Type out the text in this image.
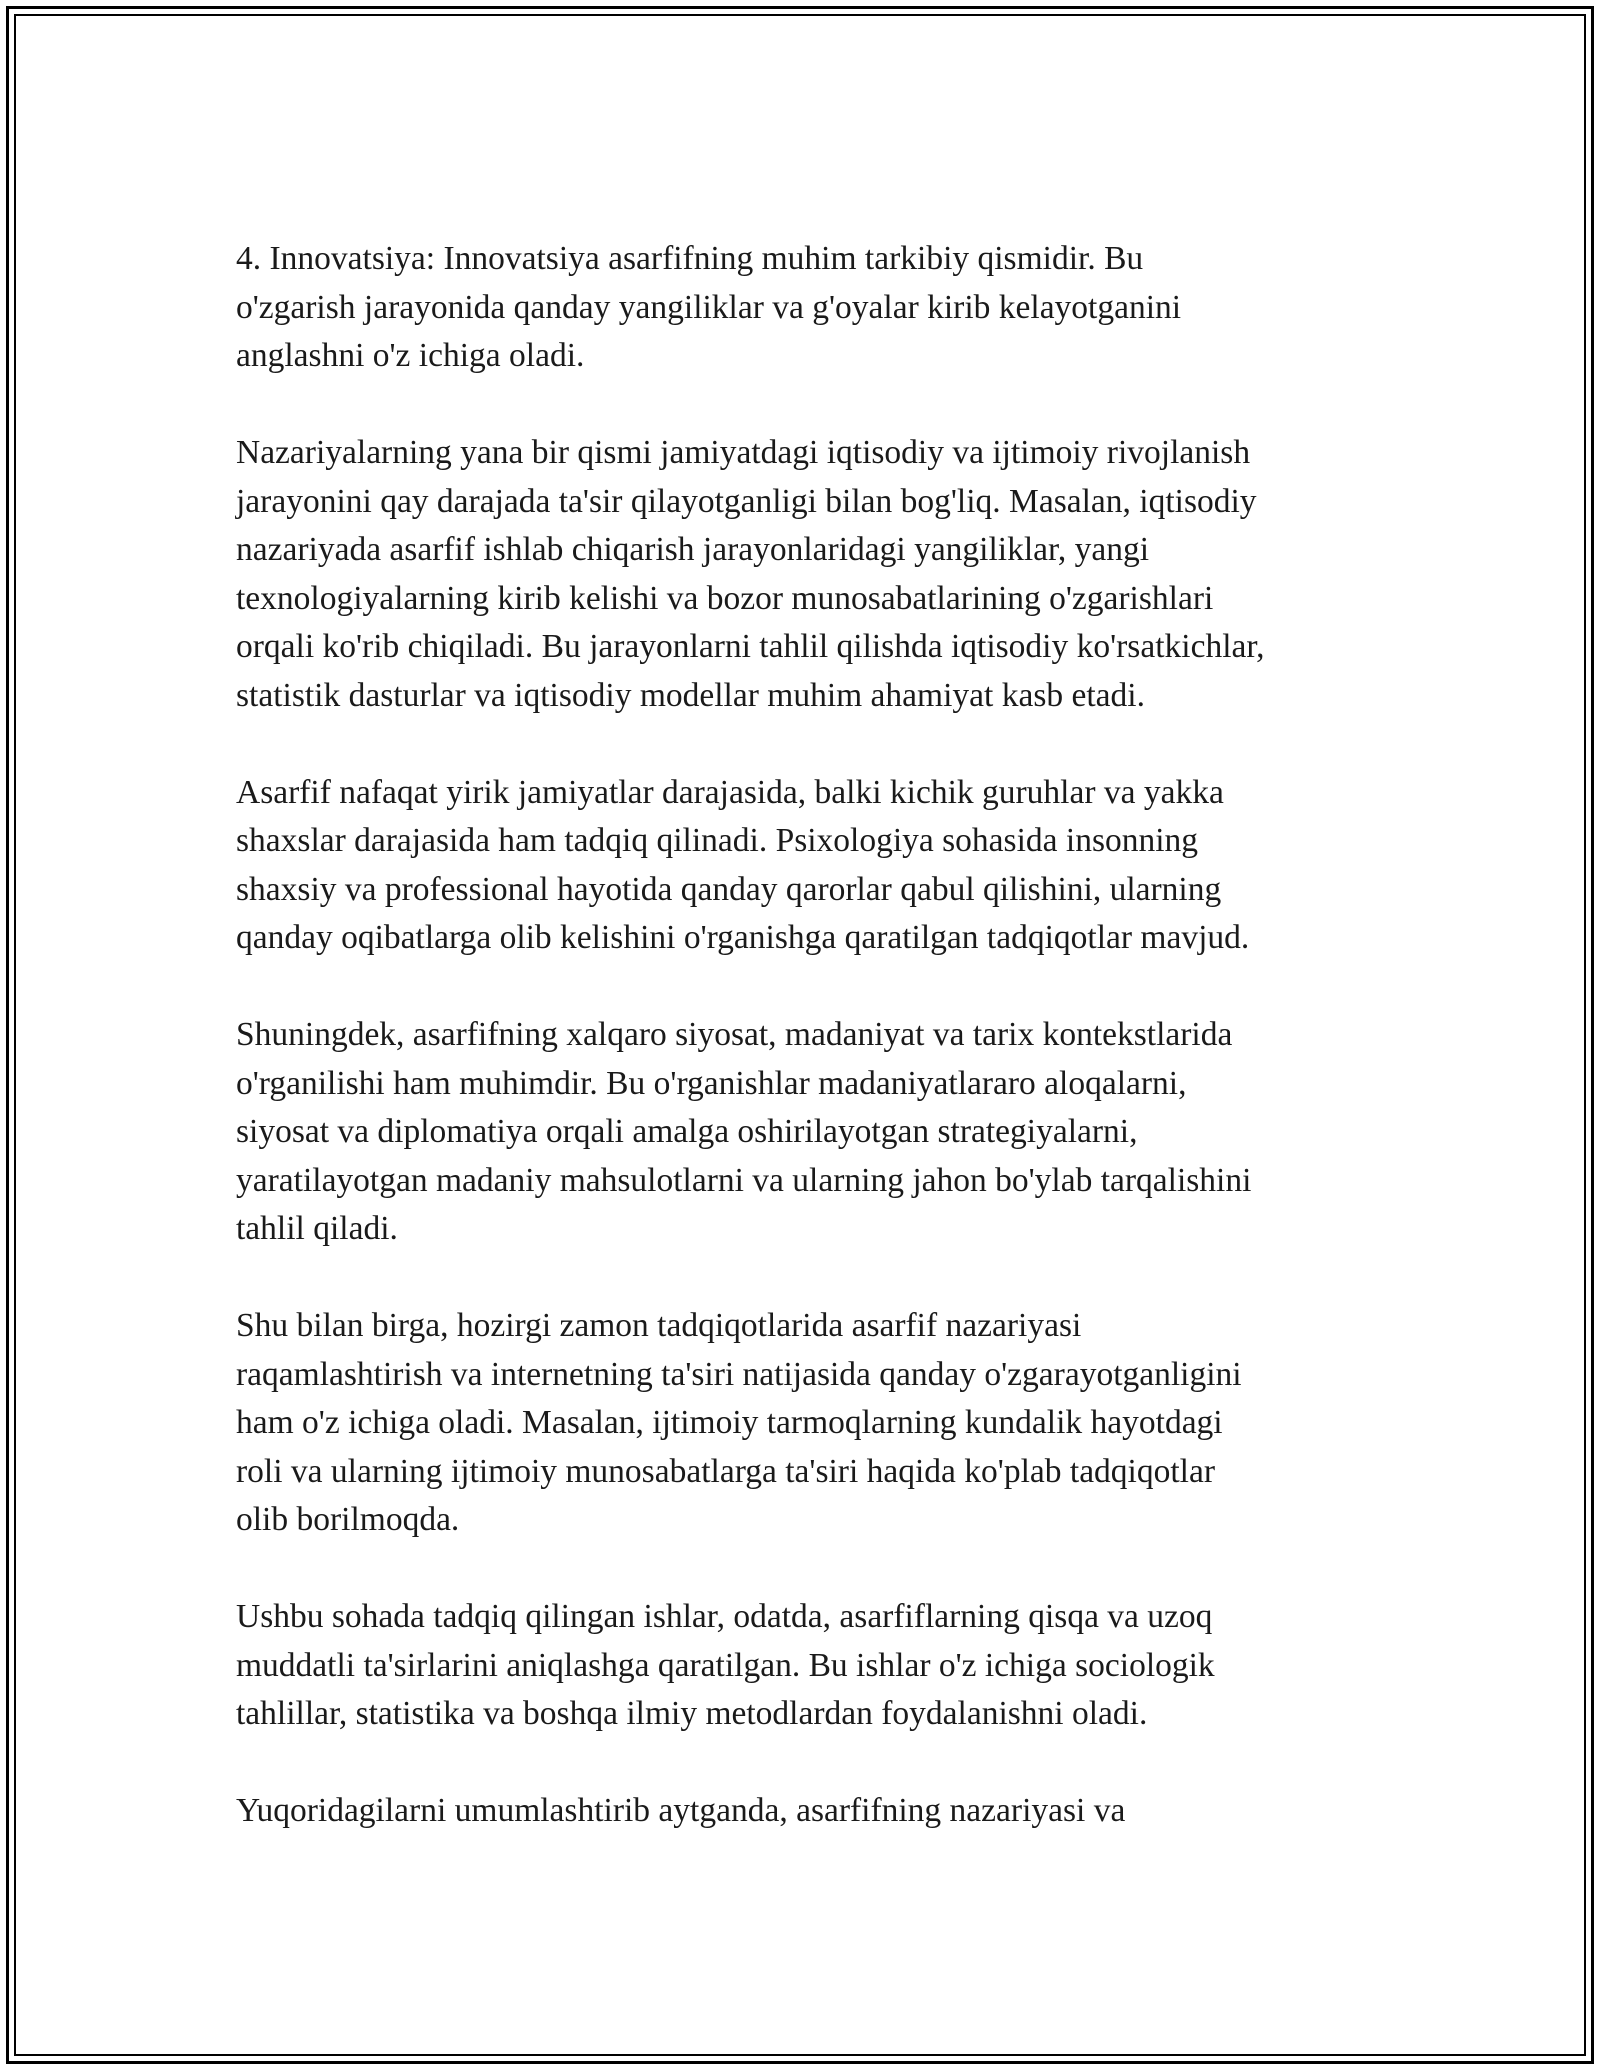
4. Innovatsiya: Innovatsiya asarfifning muhim tarkibiy qismidir. Bu
o'zgarish jarayonida qanday yangiliklar va g'oyalar kirib kelayotganini
anglashni o'z ichiga oladi.

Nazariyalarning yana bir qismi jamiyatdagi iqtisodiy va ijtimoiy rivojlanish
jarayonini qay darajada ta'sir qilayotganligi bilan bog'liq. Masalan, iqtisodiy
nazariyada asarfif ishlab chiqarish jarayonlaridagi yangiliklar, yangi
texnologiyalarning kirib kelishi va bozor munosabatlarining o'zgarishlari
orqali ko'rib chiqiladi. Bu jarayonlarni tahlil qilishda iqtisodiy ko'rsatkichlar,
statistik dasturlar va iqtisodiy modellar muhim ahamiyat kasb etadi.

Asarfif nafaqat yirik jamiyatlar darajasida, balki kichik guruhlar va yakka
shaxslar darajasida ham tadqiq qilinadi. Psixologiya sohasida insonning
shaxsiy va professional hayotida qanday qarorlar qabul qilishini, ularning
qanday oqibatlarga olib kelishini o'rganishga qaratilgan tadqiqotlar mavjud.

Shuningdek, asarfifning xalqaro siyosat, madaniyat va tarix kontekstlarida
o'rganilishi ham muhimdir. Bu o'rganishlar madaniyatlararo aloqalarni,
siyosat va diplomatiya orqali amalga oshirilayotgan strategiyalarni,
yaratilayotgan madaniy mahsulotlarni va ularning jahon bo'ylab tarqalishini
tahlil qiladi.

Shu bilan birga, hozirgi zamon tadqiqotlarida asarfif nazariyasi
raqamlashtirish va internetning ta'siri natijasida qanday o'zgarayotganligini
ham o'z ichiga oladi. Masalan, ijtimoiy tarmoqlarning kundalik hayotdagi
roli va ularning ijtimoiy munosabatlarga ta'siri haqida ko'plab tadqiqotlar
olib borilmoqda.

Ushbu sohada tadqiq qilingan ishlar, odatda, asarfiflarning qisqa va uzoq
muddatli ta'sirlarini aniqlashga qaratilgan. Bu ishlar o'z ichiga sociologik
tahlillar, statistika va boshqa ilmiy metodlardan foydalanishni oladi.

Yuqoridagilarni umumlashtirib aytganda, asarfifning nazariyasi va
